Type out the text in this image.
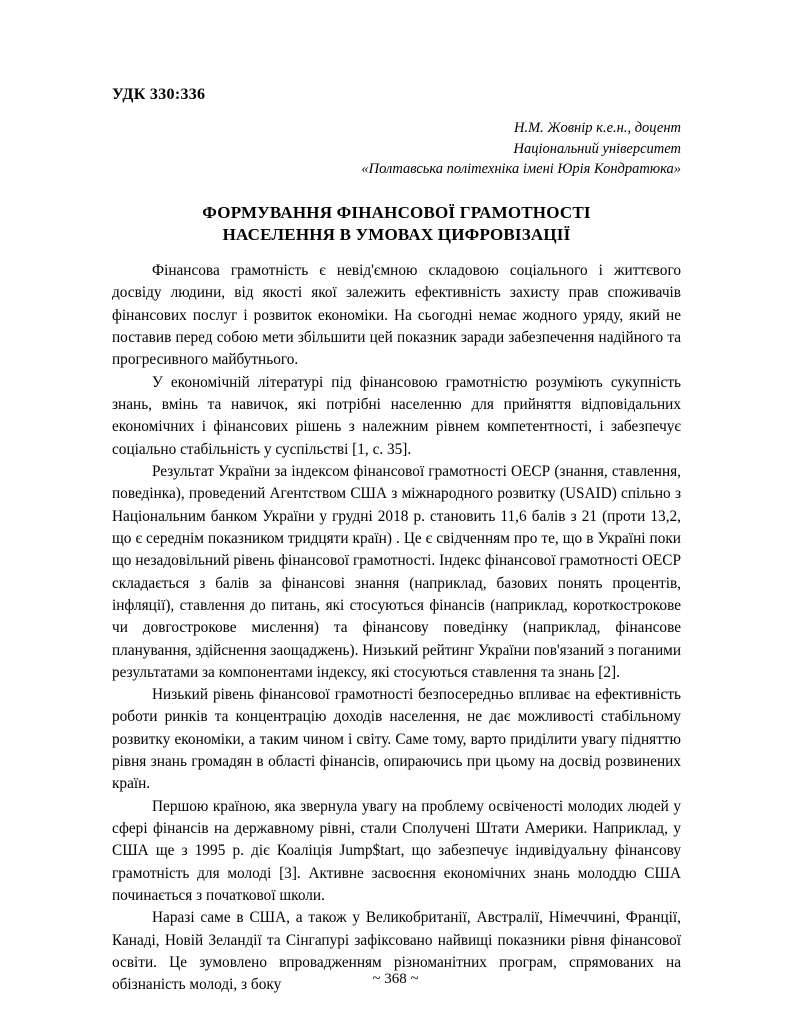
УДК 330:336
Н.М. Жовнір к.е.н., доцент
Національний університет
«Полтавська політехніка імені Юрія Кондратюка»
ФОРМУВАННЯ ФІНАНСОВОЇ ГРАМОТНОСТІ
НАСЕЛЕННЯ В УМОВАХ ЦИФРОВІЗАЦІЇ

Фінансова грамотність є невід'ємною складовою соціального і життєвого досвіду людини, від якості якої залежить ефективність захисту прав споживачів фінансових послуг і розвиток економіки. На сьогодні немає жодного уряду, який не поставив перед собою мети збільшити цей показник заради забезпечення надійного та прогресивного майбутнього.

У економічній літературі під фінансовою грамотністю розуміють сукупність знань, вмінь та навичок, які потрібні населенню для прийняття відповідальних економічних і фінансових рішень з належним рівнем компетентності, і забезпечує соціально стабільність у суспільстві [1, с. 35].

Результат України за індексом фінансової грамотності ОЕСР (знання, ставлення, поведінка), проведений Агентством США з міжнародного розвитку (USAID) спільно з Національним банком України у грудні 2018 р. становить 11,6 балів з 21 (проти 13,2, що є середнім показником тридцяти країн) . Це є свідченням про те, що в Україні поки що незадовільний рівень фінансової грамотності. Індекс фінансової грамотності ОЕСР складається з балів за фінансові знання (наприклад, базових понять процентів, інфляції), ставлення до питань, які стосуються фінансів (наприклад, короткострокове чи довгострокове мислення) та фінансову поведінку (наприклад, фінансове планування, здійснення заощаджень). Низький рейтинг України пов'язаний з поганими результатами за компонентами індексу, які стосуються ставлення та знань [2].

Низький рівень фінансової грамотності безпосередньо впливає на ефективність роботи ринків та концентрацію доходів населення, не дає можливості стабільному розвитку економіки, а таким чином і світу. Саме тому, варто приділити увагу підняттю рівня знань громадян в області фінансів, опираючись при цьому на досвід розвинених країн.

Першою країною, яка звернула увагу на проблему освіченості молодих людей у сфері фінансів на державному рівні, стали Сполучені Штати Америки. Наприклад, у США ще з 1995 р. діє Коаліція Jump$tart, що забезпечує індивідуальну фінансову грамотність для молоді [3]. Активне засвоєння економічних знань молоддю США починається з початкової школи.

Наразі саме в США, а також у Великобританії, Австралії, Німеччині, Франції, Канаді, Новій Зеландії та Сінгапурі зафіксовано найвищі показники рівня фінансової освіти. Це зумовлено впровадженням різноманітних програм, спрямованих на обізнаність молоді, з боку	~ 368 ~
